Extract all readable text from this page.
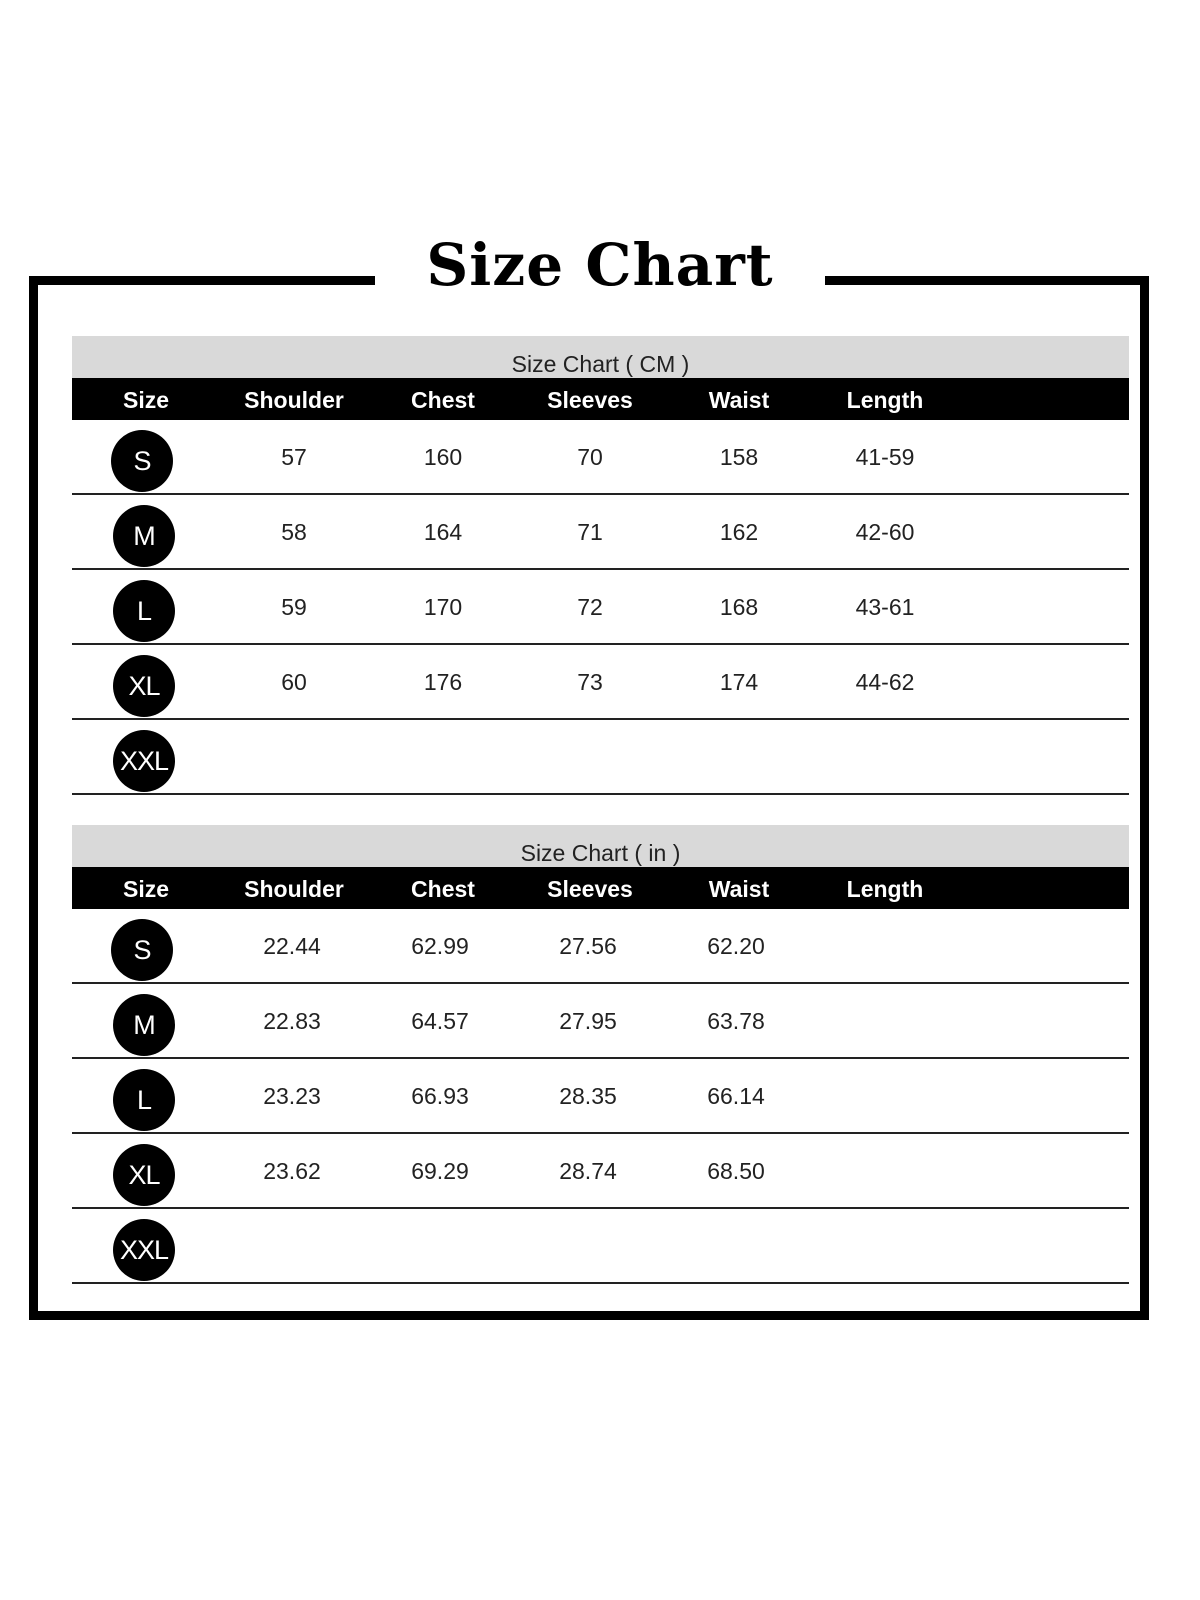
Size Chart
Size Chart ( CM )
Size	Shoulder	Chest	Sleeves	Waist	Length
S	57	160	70	158	41-59
M	58	164	71	162	42-60
L	59	170	72	168	43-61
XL	60	176	73	174	44-62
XXL
Size Chart ( in )
Size	Shoulder	Chest	Sleeves	Waist	Length
S	22.44	62.99	27.56	62.20
M	22.83	64.57	27.95	63.78
L	23.23	66.93	28.35	66.14
XL	23.62	69.29	28.74	68.50
XXL
